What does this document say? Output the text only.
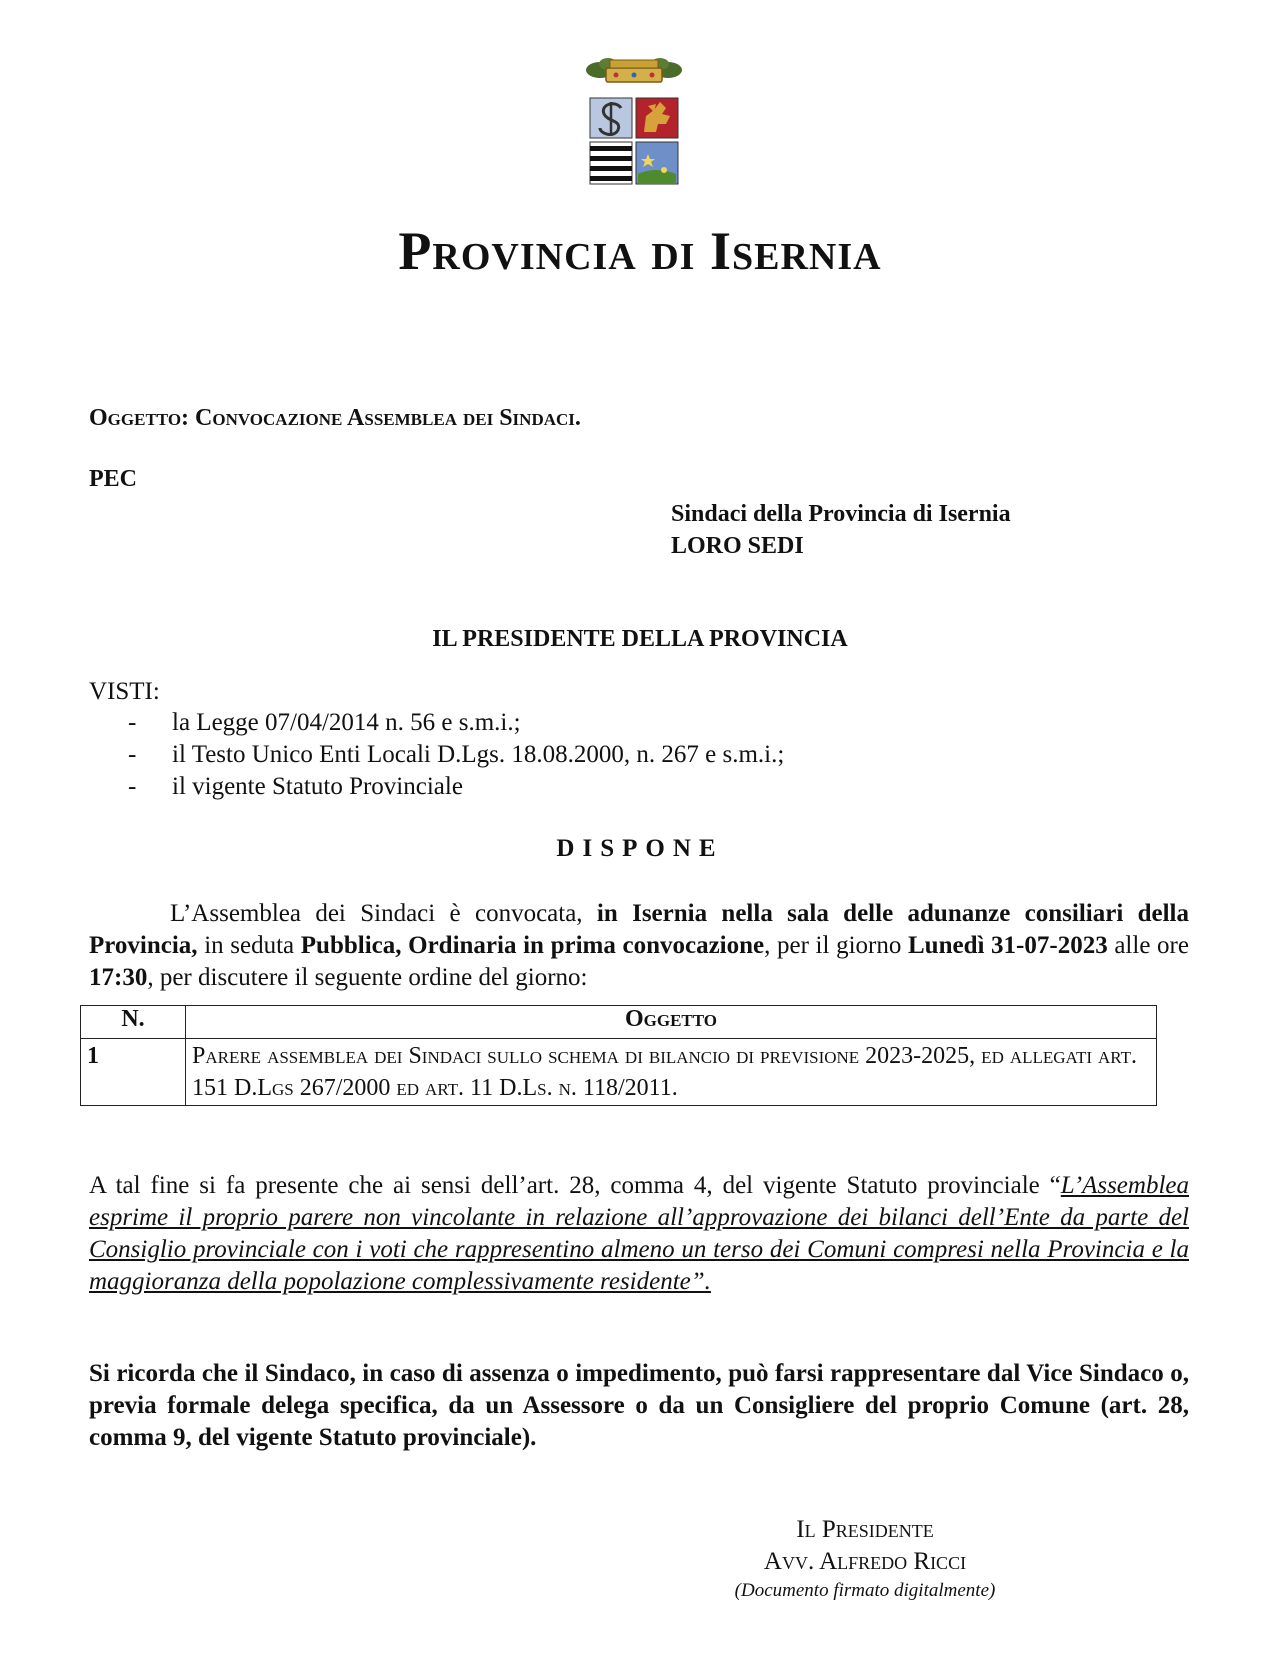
Provincia di Isernia
Oggetto: Convocazione Assemblea dei Sindaci.
PEC
Sindaci della Provincia di Isernia
LORO SEDI
IL PRESIDENTE DELLA PROVINCIA
VISTI:
- la Legge 07/04/2014 n. 56 e s.m.i.;
- il Testo Unico Enti Locali D.Lgs. 18.08.2000, n. 267 e s.m.i.;
- il vigente Statuto Provinciale
DISPONE
L’Assemblea dei Sindaci è convocata, in Isernia nella sala delle adunanze consiliari della Provincia, in seduta Pubblica, Ordinaria in prima convocazione, per il giorno Lunedì 31-07-2023 alle ore 17:30, per discutere il seguente ordine del giorno:
N.	Oggetto
1	Parere assemblea dei Sindaci sullo schema di bilancio di previsione 2023-2025, ed allegati art. 151 D.Lgs 267/2000 ed art. 11 D.Ls. n. 118/2011.
A tal fine si fa presente che ai sensi dell’art. 28, comma 4, del vigente Statuto provinciale “L’Assemblea esprime il proprio parere non vincolante in relazione all’approvazione dei bilanci dell’Ente da parte del Consiglio provinciale con i voti che rappresentino almeno un terso dei Comuni compresi nella Provincia e la maggioranza della popolazione complessivamente residente”.
Si ricorda che il Sindaco, in caso di assenza o impedimento, può farsi rappresentare dal Vice Sindaco o, previa formale delega specifica, da un Assessore o da un Consigliere del proprio Comune (art. 28, comma 9, del vigente Statuto provinciale).
Il Presidente
Avv. Alfredo Ricci
(Documento firmato digitalmente)
